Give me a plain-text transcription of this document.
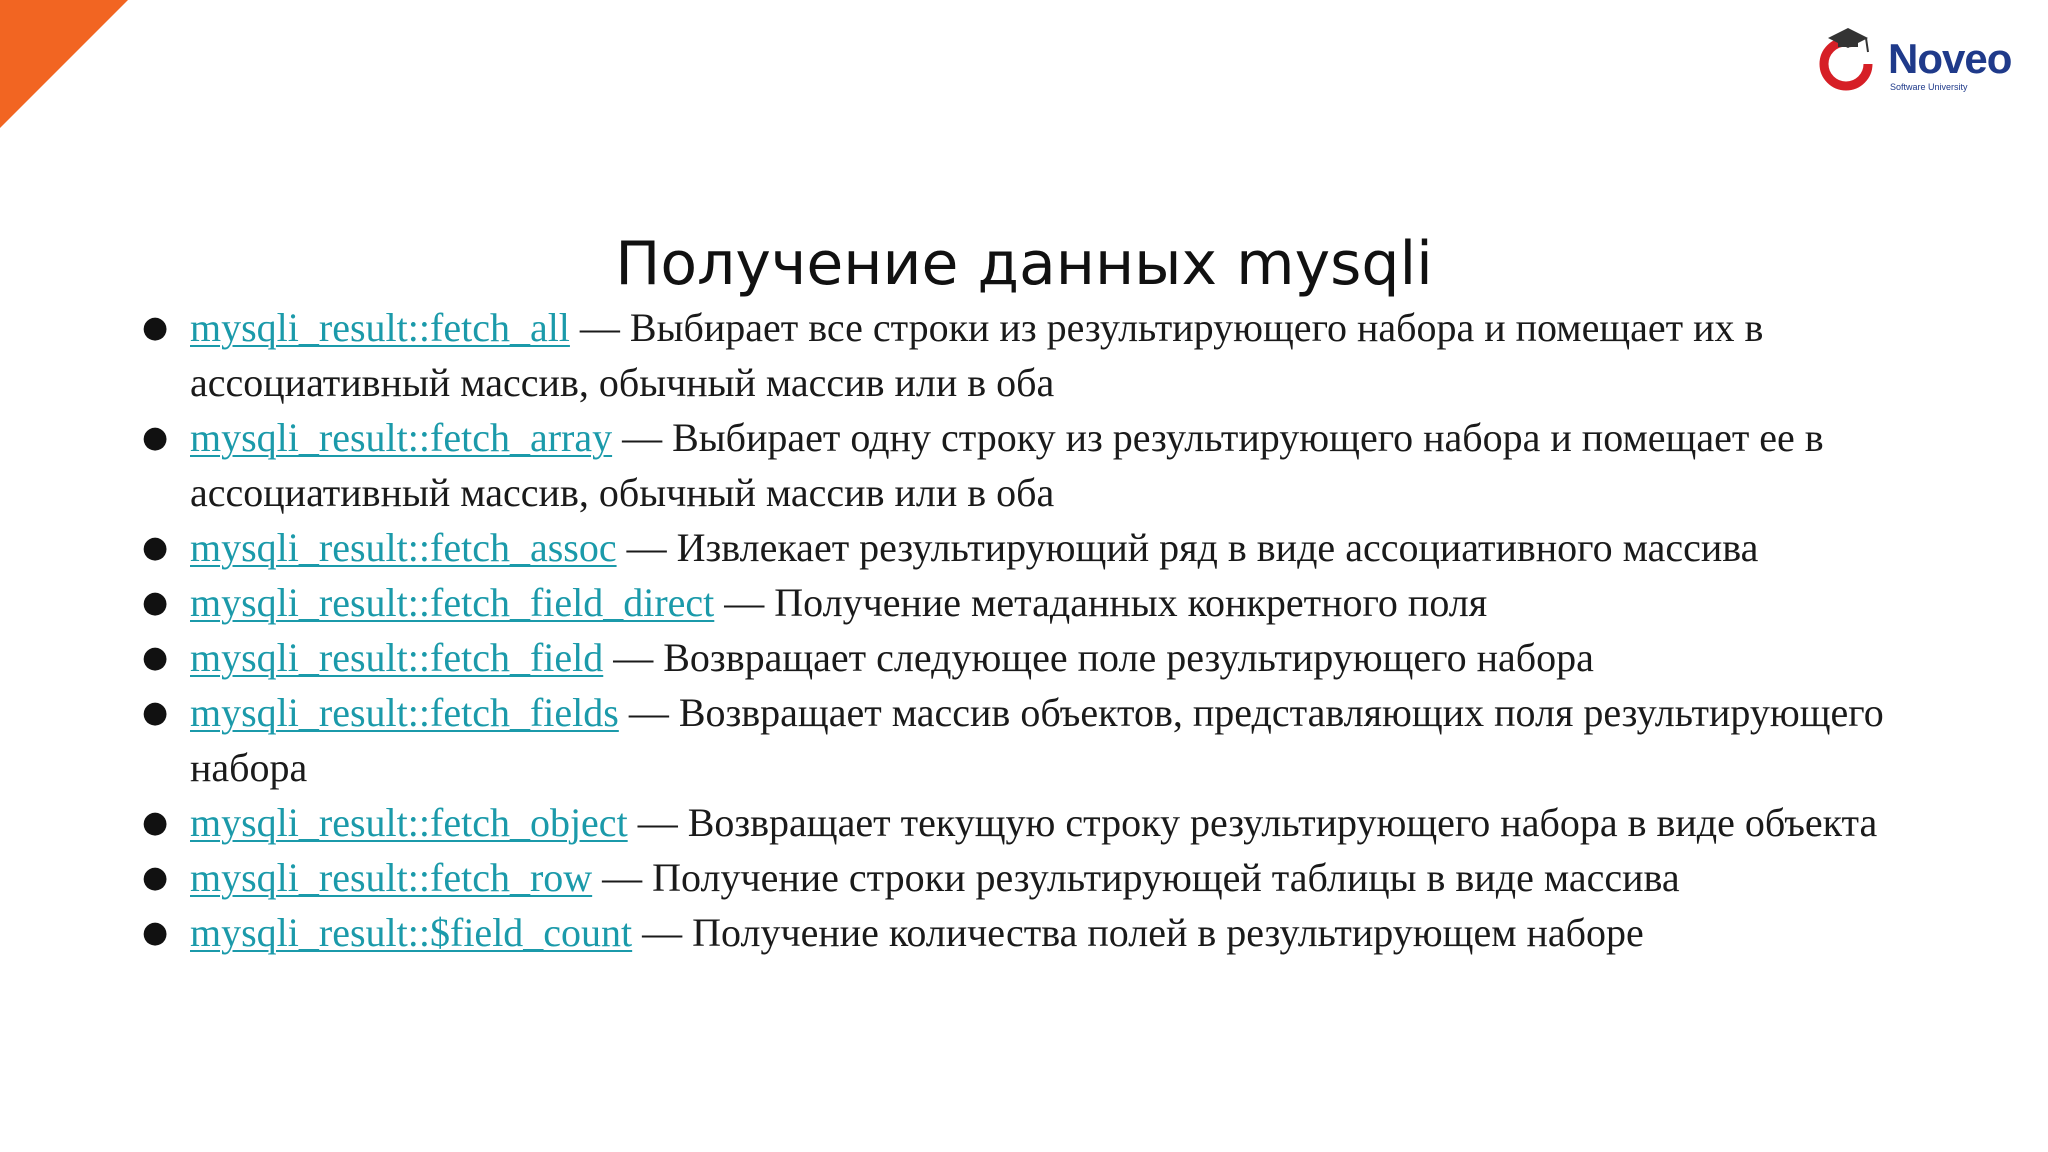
Noveo
Software University
Получение данных mysqli
● mysqli_result::fetch_all — Выбирает все строки из результирующего набора и помещает их в ассоциативный массив, обычный массив или в оба
● mysqli_result::fetch_array — Выбирает одну строку из результирующего набора и помещает ее в ассоциативный массив, обычный массив или в оба
● mysqli_result::fetch_assoc — Извлекает результирующий ряд в виде ассоциативного массива
● mysqli_result::fetch_field_direct — Получение метаданных конкретного поля
● mysqli_result::fetch_field — Возвращает следующее поле результирующего набора
● mysqli_result::fetch_fields — Возвращает массив объектов, представляющих поля результирующего набора
● mysqli_result::fetch_object — Возвращает текущую строку результирующего набора в виде объекта
● mysqli_result::fetch_row — Получение строки результирующей таблицы в виде массива
● mysqli_result::$field_count — Получение количества полей в результирующем наборе
